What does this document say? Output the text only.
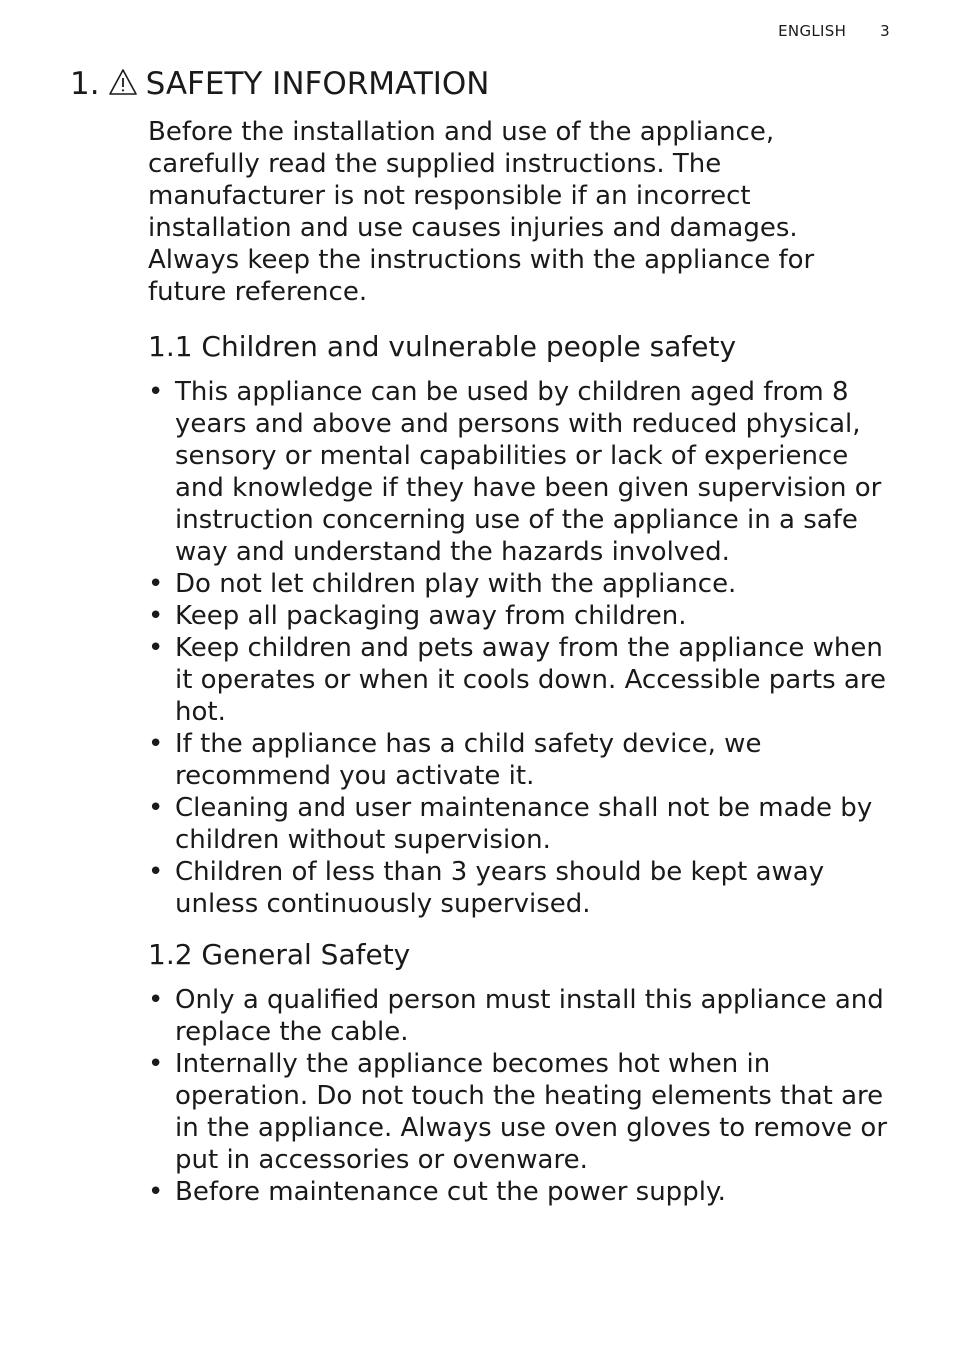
ENGLISH 3
1. SAFETY INFORMATION

Before the installation and use of the appliance, carefully read the supplied instructions. The manufacturer is not responsible if an incorrect installation and use causes injuries and damages. Always keep the instructions with the appliance for future reference.

1.1 Children and vulnerable people safety
• This appliance can be used by children aged from 8 years and above and persons with reduced physical, sensory or mental capabilities or lack of experience and knowledge if they have been given supervision or instruction concerning use of the appliance in a safe way and understand the hazards involved.
• Do not let children play with the appliance.
• Keep all packaging away from children.
• Keep children and pets away from the appliance when it operates or when it cools down. Accessible parts are hot.
• If the appliance has a child safety device, we recommend you activate it.
• Cleaning and user maintenance shall not be made by children without supervision.
• Children of less than 3 years should be kept away unless continuously supervised.
1.2 General Safety
• Only a qualified person must install this appliance and replace the cable.
• Internally the appliance becomes hot when in operation. Do not touch the heating elements that are in the appliance. Always use oven gloves to remove or put in accessories or ovenware.
• Before maintenance cut the power supply.
